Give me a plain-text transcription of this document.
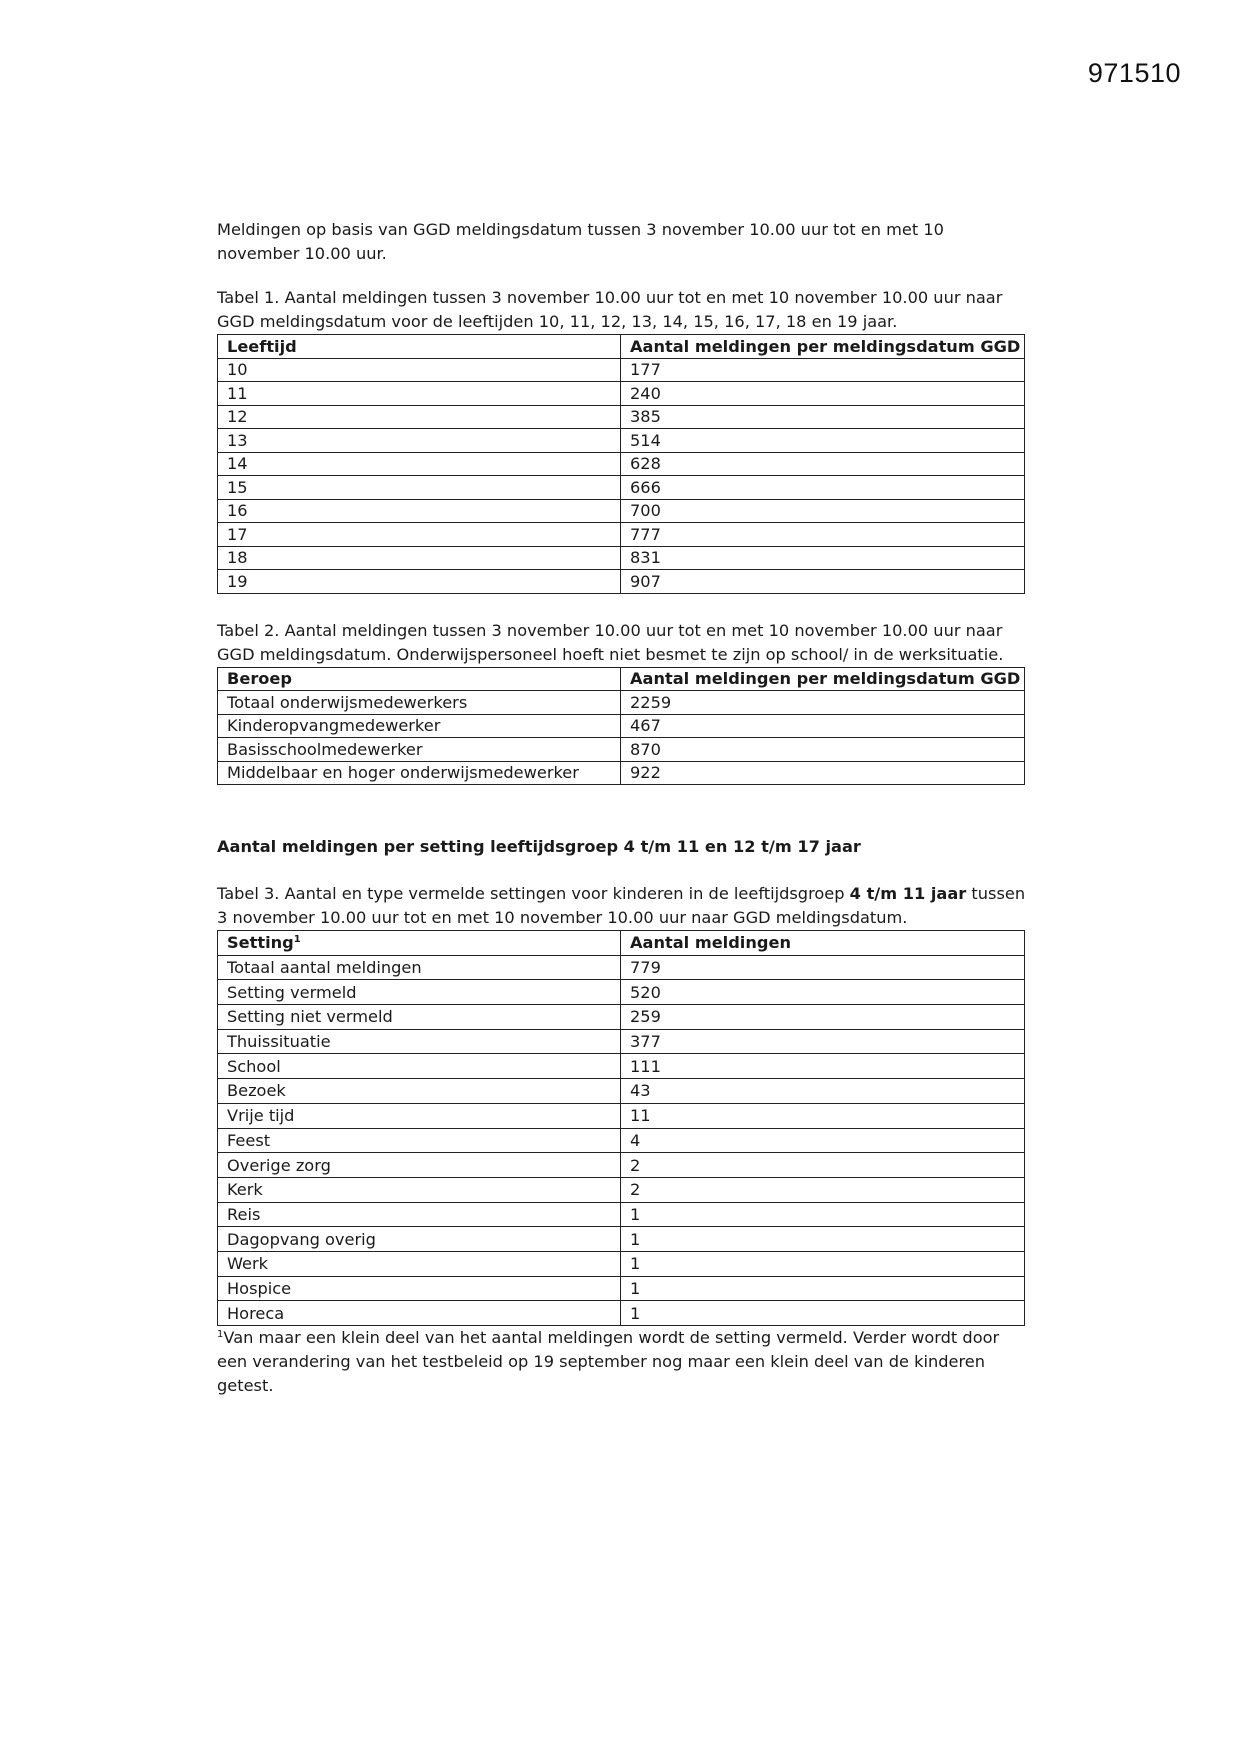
971510

Meldingen op basis van GGD meldingsdatum tussen 3 november 10.00 uur tot en met 10 november 10.00 uur.

Tabel 1. Aantal meldingen tussen 3 november 10.00 uur tot en met 10 november 10.00 uur naar GGD meldingsdatum voor de leeftijden 10, 11, 12, 13, 14, 15, 16, 17, 18 en 19 jaar.

Leeftijd	Aantal meldingen per meldingsdatum GGD
10	177
11	240
12	385
13	514
14	628
15	666
16	700
17	777
18	831
19	907

Tabel 2. Aantal meldingen tussen 3 november 10.00 uur tot en met 10 november 10.00 uur naar GGD meldingsdatum. Onderwijspersoneel hoeft niet besmet te zijn op school/ in de werksituatie.

Beroep	Aantal meldingen per meldingsdatum GGD
Totaal onderwijsmedewerkers	2259
Kinderopvangmedewerker	467
Basisschoolmedewerker	870
Middelbaar en hoger onderwijsmedewerker	922

Aantal meldingen per setting leeftijdsgroep 4 t/m 11 en 12 t/m 17 jaar

Tabel 3. Aantal en type vermelde settingen voor kinderen in de leeftijdsgroep 4 t/m 11 jaar tussen 3 november 10.00 uur tot en met 10 november 10.00 uur naar GGD meldingsdatum.

Setting$^1$	Aantal meldingen
Totaal aantal meldingen	779
Setting vermeld	520
Setting niet vermeld	259
Thuissituatie	377
School	111
Bezoek	43
Vrije tijd	11
Feest	4
Overige zorg	2
Kerk	2
Reis	1
Dagopvang overig	1
Werk	1
Hospice	1
Horeca	1

$^1$Van maar een klein deel van het aantal meldingen wordt de setting vermeld. Verder wordt door een verandering van het testbeleid op 19 september nog maar een klein deel van de kinderen getest.
